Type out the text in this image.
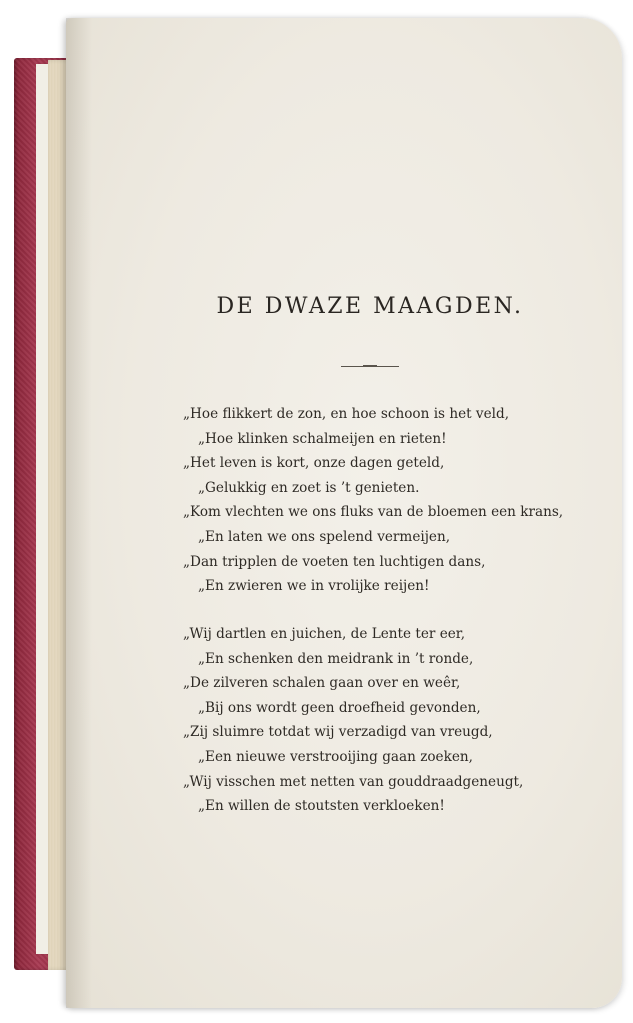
DE DWAZE MAAGDEN.
„Hoe flikkert de zon, en hoe schoon is het veld,
„Hoe klinken schalmeijen en rieten!
„Het leven is kort, onze dagen geteld,
„Gelukkig en zoet is ’t genieten.
„Kom vlechten we ons fluks van de bloemen een krans,
„En laten we ons spelend vermeijen,
„Dan tripplen de voeten ten luchtigen dans,
„En zwieren we in vrolijke reijen!
„Wij dartlen en juichen, de Lente ter eer,
„En schenken den meidrank in ’t ronde,
„De zilveren schalen gaan over en weêr,
„Bij ons wordt geen droefheid gevonden,
„Zij sluimre totdat wij verzadigd van vreugd,
„Een nieuwe verstrooijing gaan zoeken,
„Wij visschen met netten van gouddraadgeneugt,
„En willen de stoutsten verkloeken!
